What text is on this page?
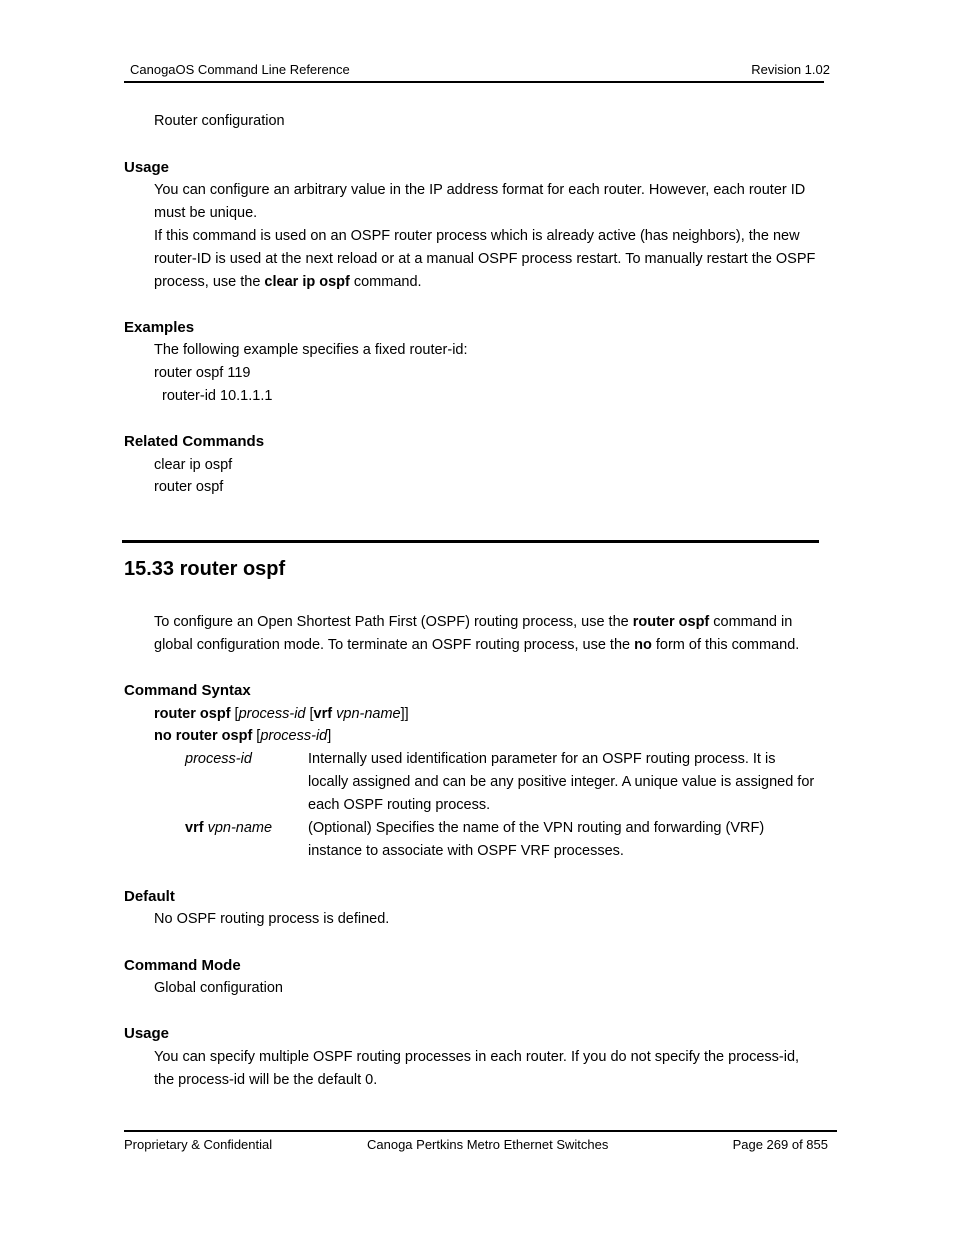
CanogaOS Command Line Reference	Revision 1.02
Router configuration
Usage
You can configure an arbitrary value in the IP address format for each router. However, each router ID
must be unique.
If this command is used on an OSPF router process which is already active (has neighbors), the new
router-ID is used at the next reload or at a manual OSPF process restart. To manually restart the OSPF
process, use the clear ip ospf command.
Examples
The following example specifies a fixed router-id:
router ospf 119
router-id 10.1.1.1
Related Commands
clear ip ospf
router ospf
15.33 router ospf
To configure an Open Shortest Path First (OSPF) routing process, use the router ospf command in
global configuration mode. To terminate an OSPF routing process, use the no form of this command.
Command Syntax
router ospf [process-id [vrf vpn-name]]
no router ospf [process-id]
process-id	Internally used identification parameter for an OSPF routing process. It is
locally assigned and can be any positive integer. A unique value is assigned for
each OSPF routing process.
vrf vpn-name (Optional) Specifies the name of the VPN routing and forwarding (VRF)
instance to associate with OSPF VRF processes.
Default
No OSPF routing process is defined.
Command Mode
Global configuration
Usage
You can specify multiple OSPF routing processes in each router. If you do not specify the process-id,
the process-id will be the default 0.
Proprietary & Confidential	Canoga Pertkins Metro Ethernet Switches	Page 269 of 855
